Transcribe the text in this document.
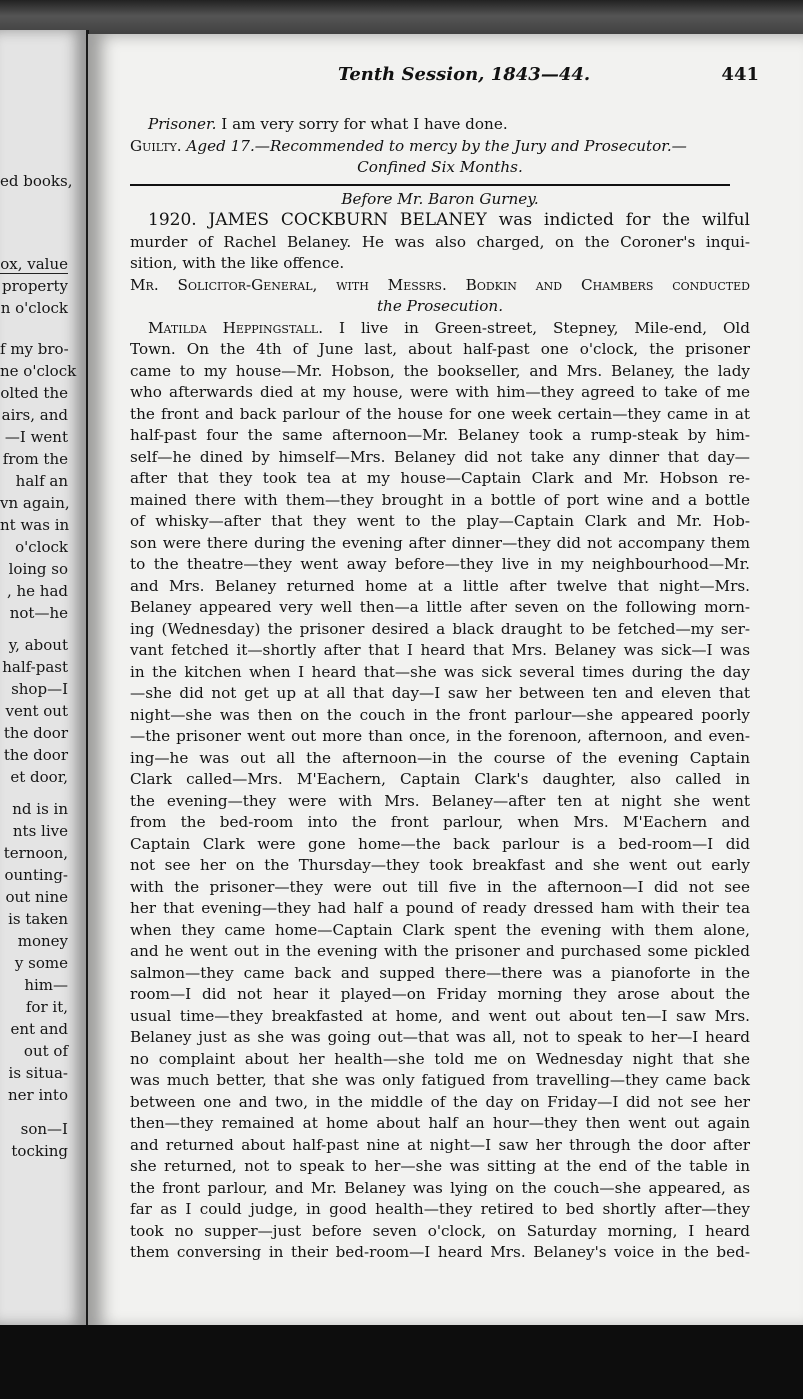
ed books,
ox, value
property
n o'clock
f my bro-
ne o'clock
olted the
airs, and
—I went
from the
half an
vn again,
nt was in
o'clock
loing so
, he had
not—he
y, about
half-past
shop—I
vent out
the door
the door
et door,
nd is in
nts live
ternoon,
ounting-
out nine
is taken
money
y some
him—
for it,
ent and
out of
is situa-
ner into
son—I
tocking
Tenth Session, 1843—44.	441
Prisoner. I am very sorry for what I have done.
Guilty. Aged 17.—Recommended to mercy by the Jury and Prosecutor.—
Confined Six Months.
Before Mr. Baron Gurney.
1920. JAMES COCKBURN BELANEY was indicted for the wilful
murder of Rachel Belaney. He was also charged, on the Coroner's inqui-
sition, with the like offence.
Mr. Solicitor-General, with Messrs. Bodkin and Chambers conducted
the Prosecution.
Matilda Heppingstall. I live in Green-street, Stepney, Mile-end, Old
Town. On the 4th of June last, about half-past one o'clock, the prisoner
came to my house—Mr. Hobson, the bookseller, and Mrs. Belaney, the lady
who afterwards died at my house, were with him—they agreed to take of me
the front and back parlour of the house for one week certain—they came in at
half-past four the same afternoon—Mr. Belaney took a rump-steak by him-
self—he dined by himself—Mrs. Belaney did not take any dinner that day—
after that they took tea at my house—Captain Clark and Mr. Hobson re-
mained there with them—they brought in a bottle of port wine and a bottle
of whisky—after that they went to the play—Captain Clark and Mr. Hob-
son were there during the evening after dinner—they did not accompany them
to the theatre—they went away before—they live in my neighbourhood—Mr.
and Mrs. Belaney returned home at a little after twelve that night—Mrs.
Belaney appeared very well then—a little after seven on the following morn-
ing (Wednesday) the prisoner desired a black draught to be fetched—my ser-
vant fetched it—shortly after that I heard that Mrs. Belaney was sick—I was
in the kitchen when I heard that—she was sick several times during the day
—she did not get up at all that day—I saw her between ten and eleven that
night—she was then on the couch in the front parlour—she appeared poorly
—the prisoner went out more than once, in the forenoon, afternoon, and even-
ing—he was out all the afternoon—in the course of the evening Captain
Clark called—Mrs. M'Eachern, Captain Clark's daughter, also called in
the evening—they were with Mrs. Belaney—after ten at night she went
from the bed-room into the front parlour, when Mrs. M'Eachern and
Captain Clark were gone home—the back parlour is a bed-room—I did
not see her on the Thursday—they took breakfast and she went out early
with the prisoner—they were out till five in the afternoon—I did not see
her that evening—they had half a pound of ready dressed ham with their tea
when they came home—Captain Clark spent the evening with them alone,
and he went out in the evening with the prisoner and purchased some pickled
salmon—they came back and supped there—there was a pianoforte in the
room—I did not hear it played—on Friday morning they arose about the
usual time—they breakfasted at home, and went out about ten—I saw Mrs.
Belaney just as she was going out—that was all, not to speak to her—I heard
no complaint about her health—she told me on Wednesday night that she
was much better, that she was only fatigued from travelling—they came back
between one and two, in the middle of the day on Friday—I did not see her
then—they remained at home about half an hour—they then went out again
and returned about half-past nine at night—I saw her through the door after
she returned, not to speak to her—she was sitting at the end of the table in
the front parlour, and Mr. Belaney was lying on the couch—she appeared, as
far as I could judge, in good health—they retired to bed shortly after—they
took no supper—just before seven o'clock, on Saturday morning, I heard
them conversing in their bed-room—I heard Mrs. Belaney's voice in the bed-
